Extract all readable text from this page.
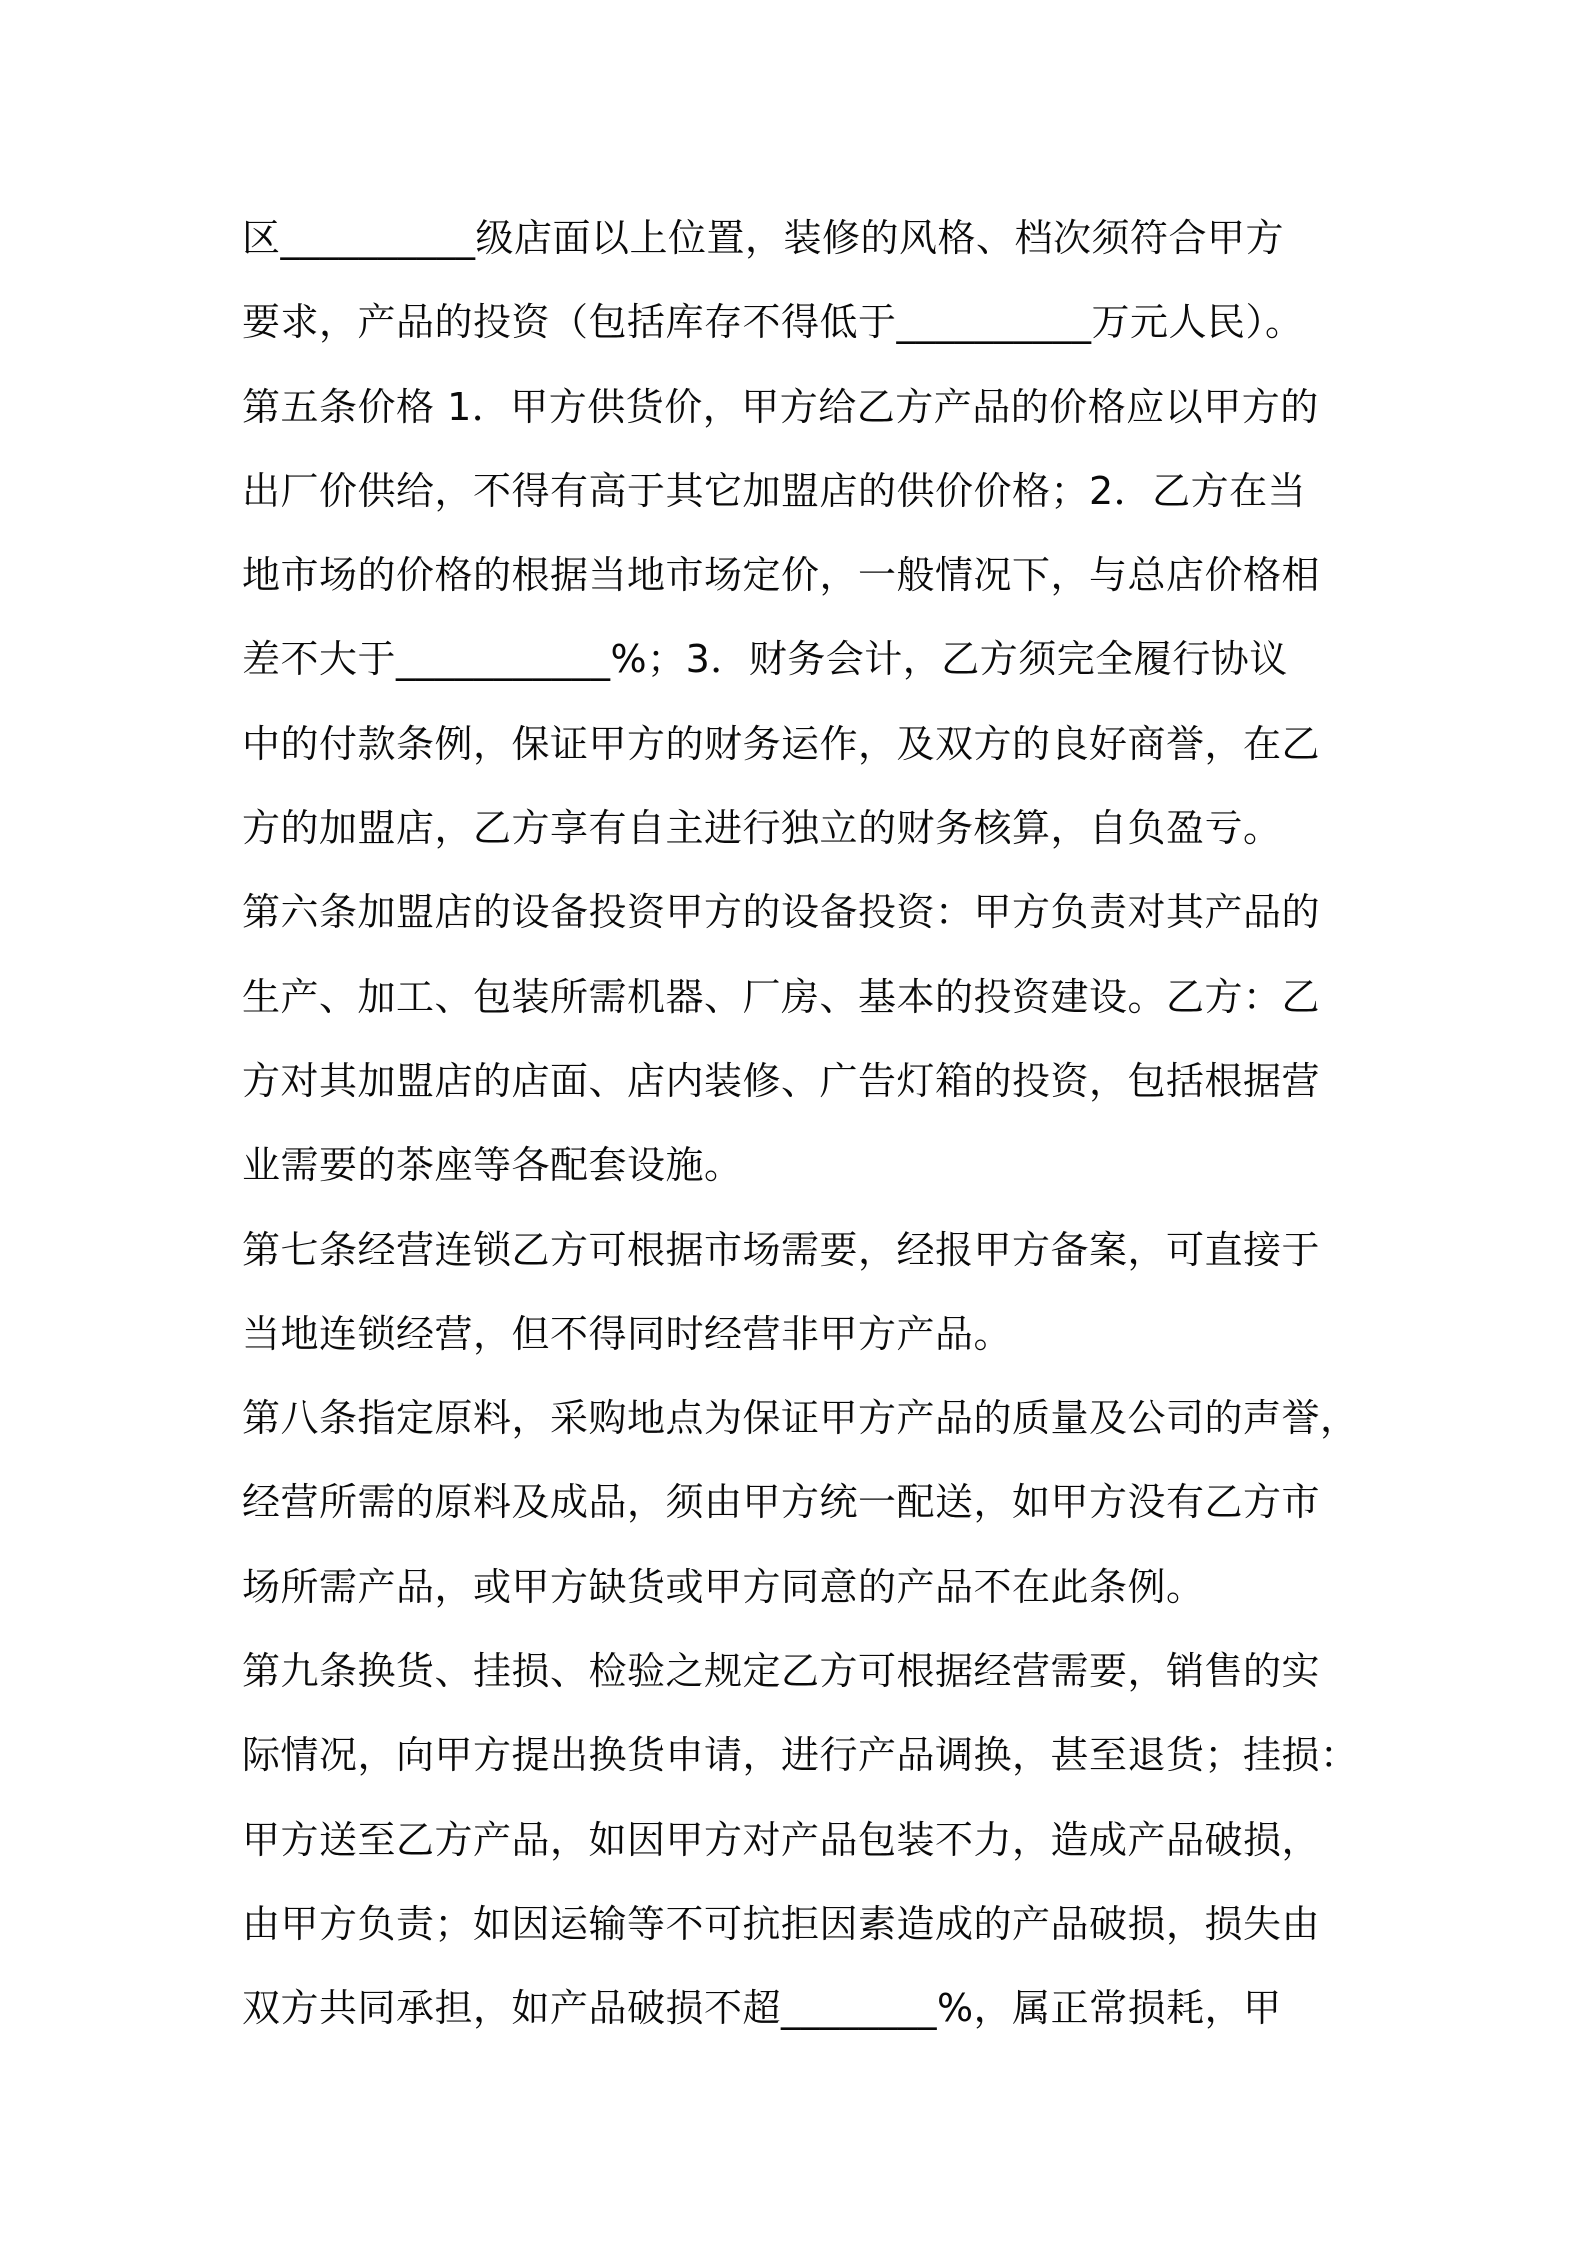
区__________级店面以上位置，装修的风格、档次须符合甲方
要求，产品的投资（包括库存不得低于__________万元人民）。
第五条价格 1．甲方供货价，甲方给乙方产品的价格应以甲方的
出厂价供给，不得有高于其它加盟店的供价价格；2．乙方在当
地市场的价格的根据当地市场定价，一般情况下，与总店价格相
差不大于___________%；3．财务会计，乙方须完全履行协议
中的付款条例，保证甲方的财务运作，及双方的良好商誉，在乙
方的加盟店，乙方享有自主进行独立的财务核算，自负盈亏。
第六条加盟店的设备投资甲方的设备投资：甲方负责对其产品的
生产、加工、包装所需机器、厂房、基本的投资建设。乙方：乙
方对其加盟店的店面、店内装修、广告灯箱的投资，包括根据营
业需要的茶座等各配套设施。
第七条经营连锁乙方可根据市场需要，经报甲方备案，可直接于
当地连锁经营，但不得同时经营非甲方产品。
第八条指定原料，采购地点为保证甲方产品的质量及公司的声誉，
经营所需的原料及成品，须由甲方统一配送，如甲方没有乙方市
场所需产品，或甲方缺货或甲方同意的产品不在此条例。
第九条换货、挂损、检验之规定乙方可根据经营需要，销售的实
际情况，向甲方提出换货申请，进行产品调换，甚至退货；挂损：
甲方送至乙方产品，如因甲方对产品包装不力，造成产品破损，
由甲方负责；如因运输等不可抗拒因素造成的产品破损，损失由
双方共同承担，如产品破损不超________%，属正常损耗，甲
